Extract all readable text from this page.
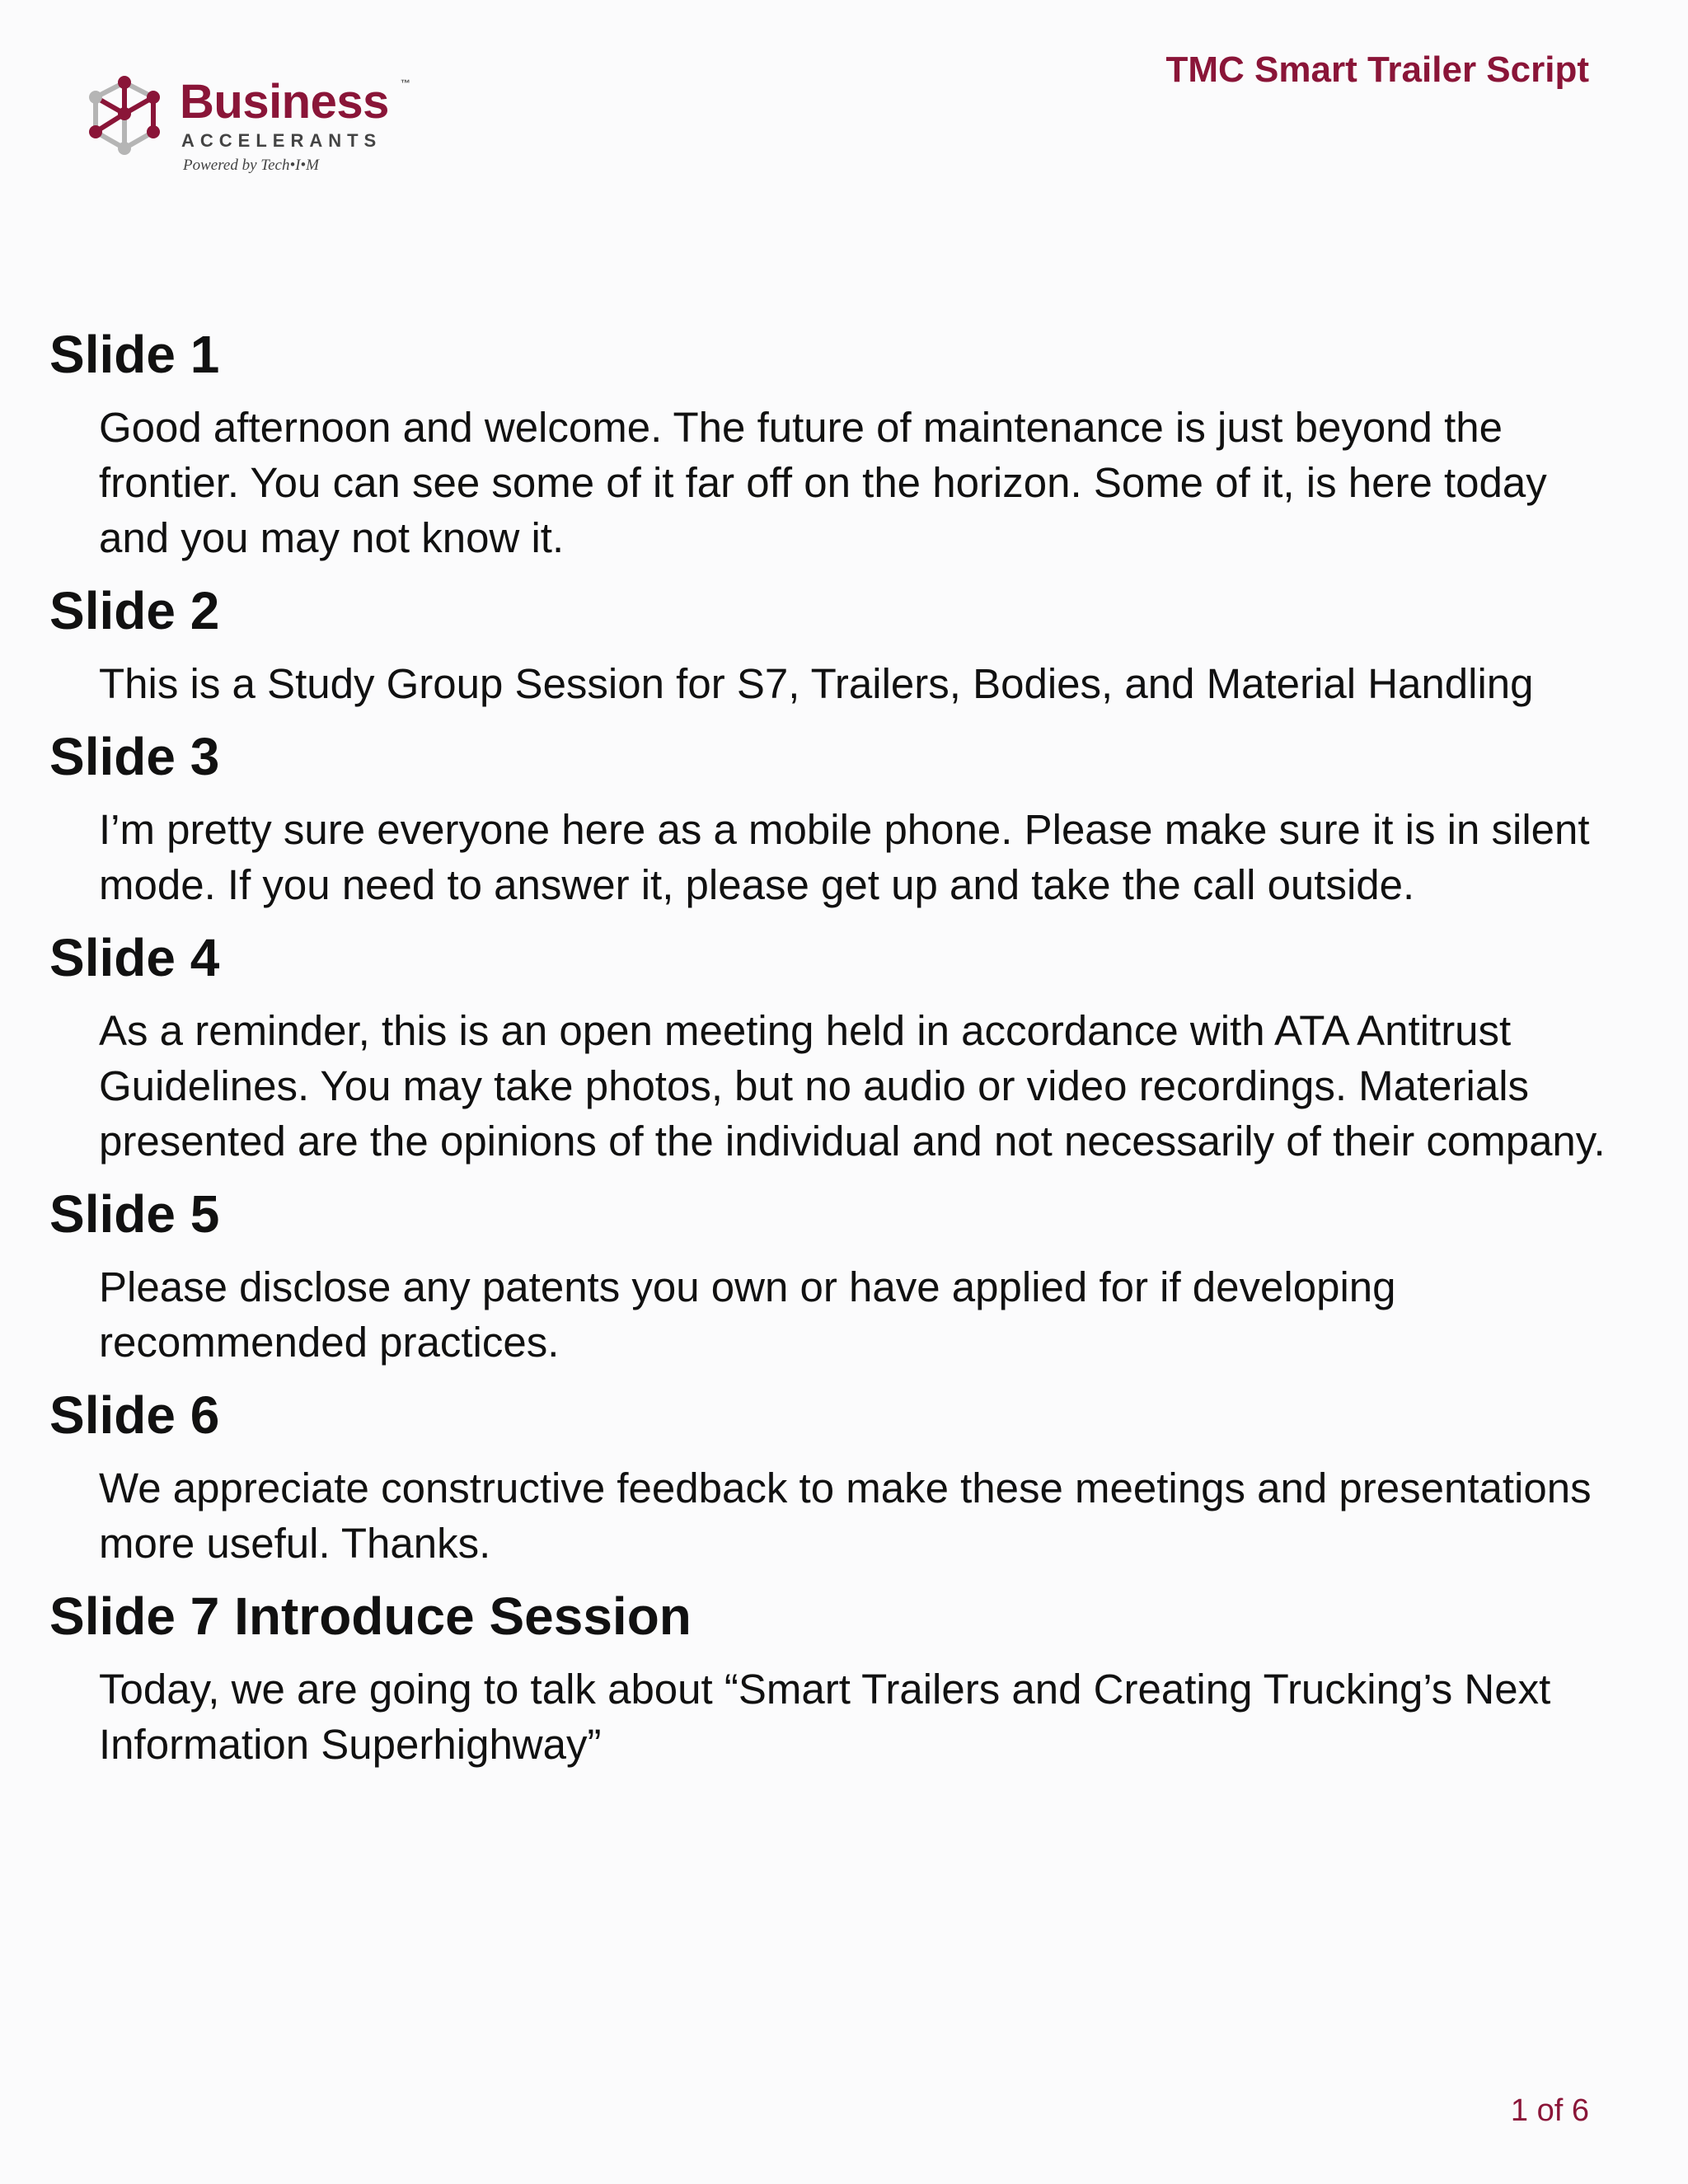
Business ™
ACCELERANTS
Powered by Tech•I•M
TMC Smart Trailer Script
Slide 1

Good afternoon and welcome. The future of maintenance is just beyond the frontier. You can see some of it far off on the horizon. Some of it, is here today and you may not know it.

Slide 2

This is a Study Group Session for S7, Trailers, Bodies, and Material Handling

Slide 3

I’m pretty sure everyone here as a mobile phone. Please make sure it is in silent mode. If you need to answer it, please get up and take the call outside.

Slide 4

As a reminder, this is an open meeting held in accordance with ATA Antitrust Guidelines. You may take photos, but no audio or video recordings. Materials presented are the opinions of the individual and not necessarily of their company.

Slide 5

Please disclose any patents you own or have applied for if developing recommended practices.

Slide 6

We appreciate constructive feedback to make these meetings and presentations more useful. Thanks.

Slide 7 Introduce Session

Today, we are going to talk about “Smart Trailers and Creating Trucking’s Next Information Superhighway”

1 of 6
